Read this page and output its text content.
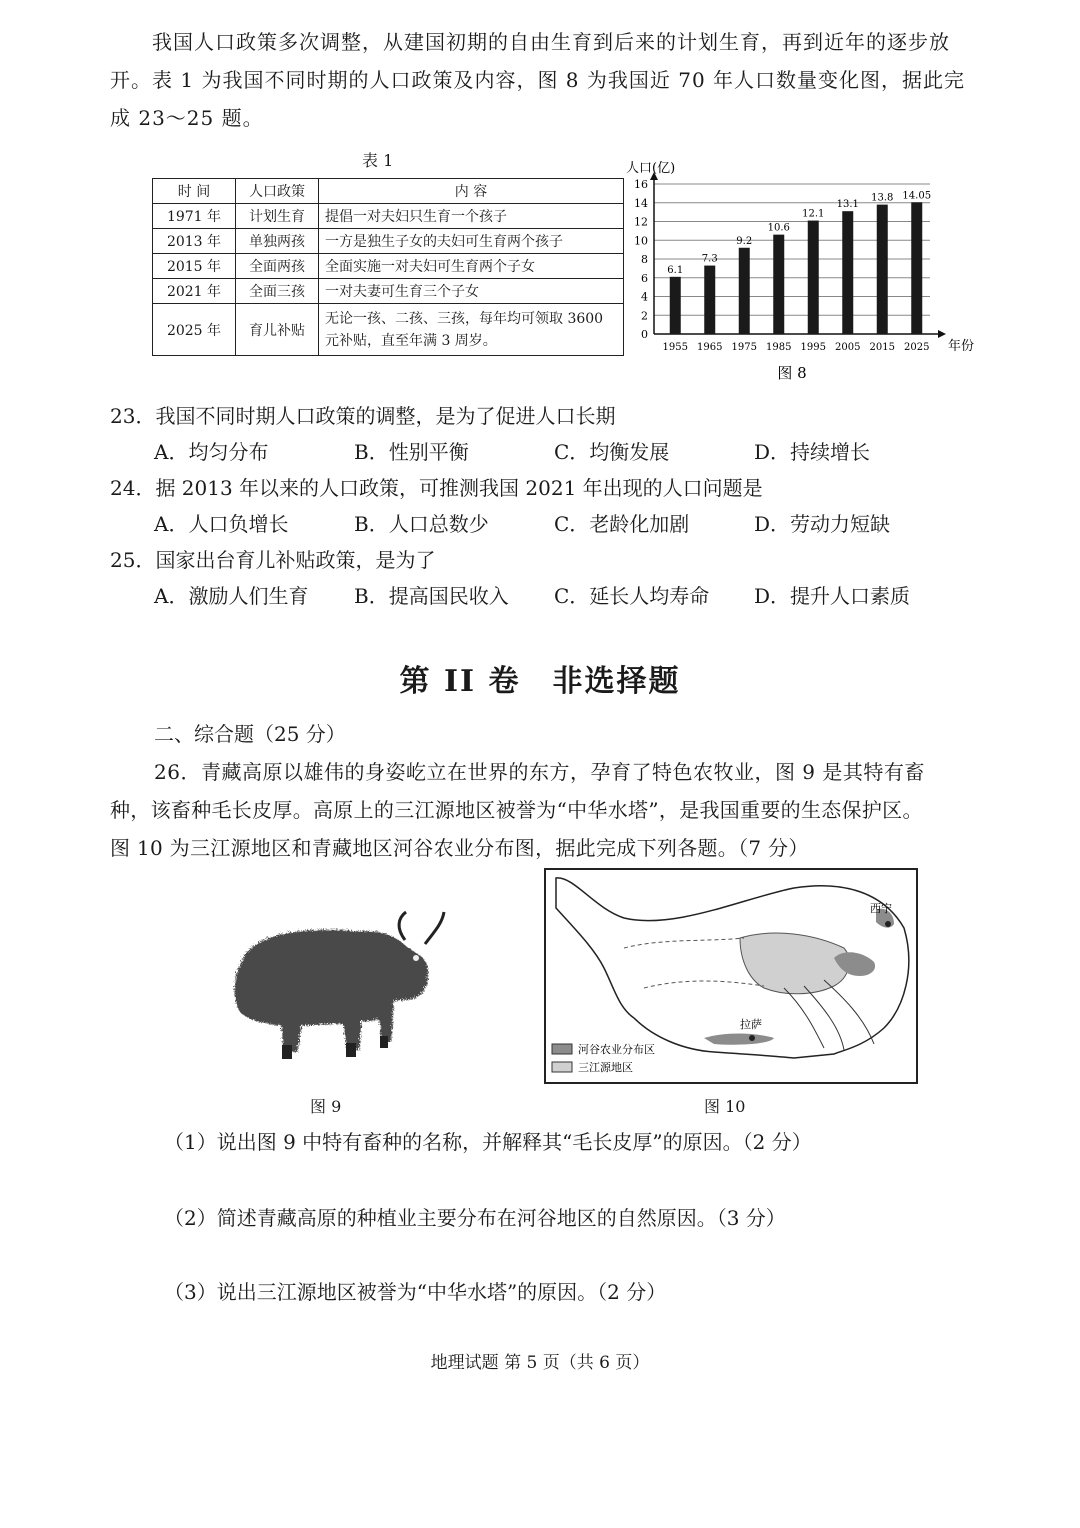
我国人口政策多次调整，从建国初期的自由生育到后来的计划生育，再到近年的逐步放
开。表 1 为我国不同时期的人口政策及内容，图 8 为我国近 70 年人口数量变化图，据此完
成 23～25 题。
表 1
时 间	人口政策	内 容
1971 年	计划生育	提倡一对夫妇只生育一个孩子
2013 年	单独两孩	一方是独生子女的夫妇可生育两个孩子
2015 年	全面两孩	全面实施一对夫妇可生育两个子女
2021 年	全面三孩	一对夫妻可生育三个子女
2025 年	育儿补贴	无论一孩、二孩、三孩，每年均可领取 3600 元补贴，直至年满 3 周岁。	0
2
4
6
8
10
12
14
16
人口(亿)
年份
6.1
1955
7.3
1965
9.2
1975
10.6
1985
12.1
1995
13.1
2005
13.8
2015
14.05
2025
图 8
23．我国不同时期人口政策的调整，是为了促进人口长期
A．均匀分布	B．性别平衡	C．均衡发展	D．持续增长
24．据 2013 年以来的人口政策，可推测我国 2021 年出现的人口问题是
A．人口负增长	B．人口总数少	C．老龄化加剧	D．劳动力短缺
25．国家出台育儿补贴政策，是为了
A．激励人们生育 B．提高国民收入 C．延长人均寿命 D．提升人口素质
第 II 卷　非选择题
二、综合题（25 分）
26．青藏高原以雄伟的身姿屹立在世界的东方，孕育了特色农牧业，图 9 是其特有畜
种，该畜种毛长皮厚。高原上的三江源地区被誉为“中华水塔”，是我国重要的生态保护区。
图 10 为三江源地区和青藏地区河谷农业分布图，据此完成下列各题。（7 分）
图 9
西宁
拉萨
河谷农业分布区
三江源地区
图 10
（1）说出图 9 中特有畜种的名称，并解释其“毛长皮厚”的原因。（2 分）
（2）简述青藏高原的种植业主要分布在河谷地区的自然原因。（3 分）
（3）说出三江源地区被誉为“中华水塔”的原因。（2 分）
地理试题 第 5 页（共 6 页）
